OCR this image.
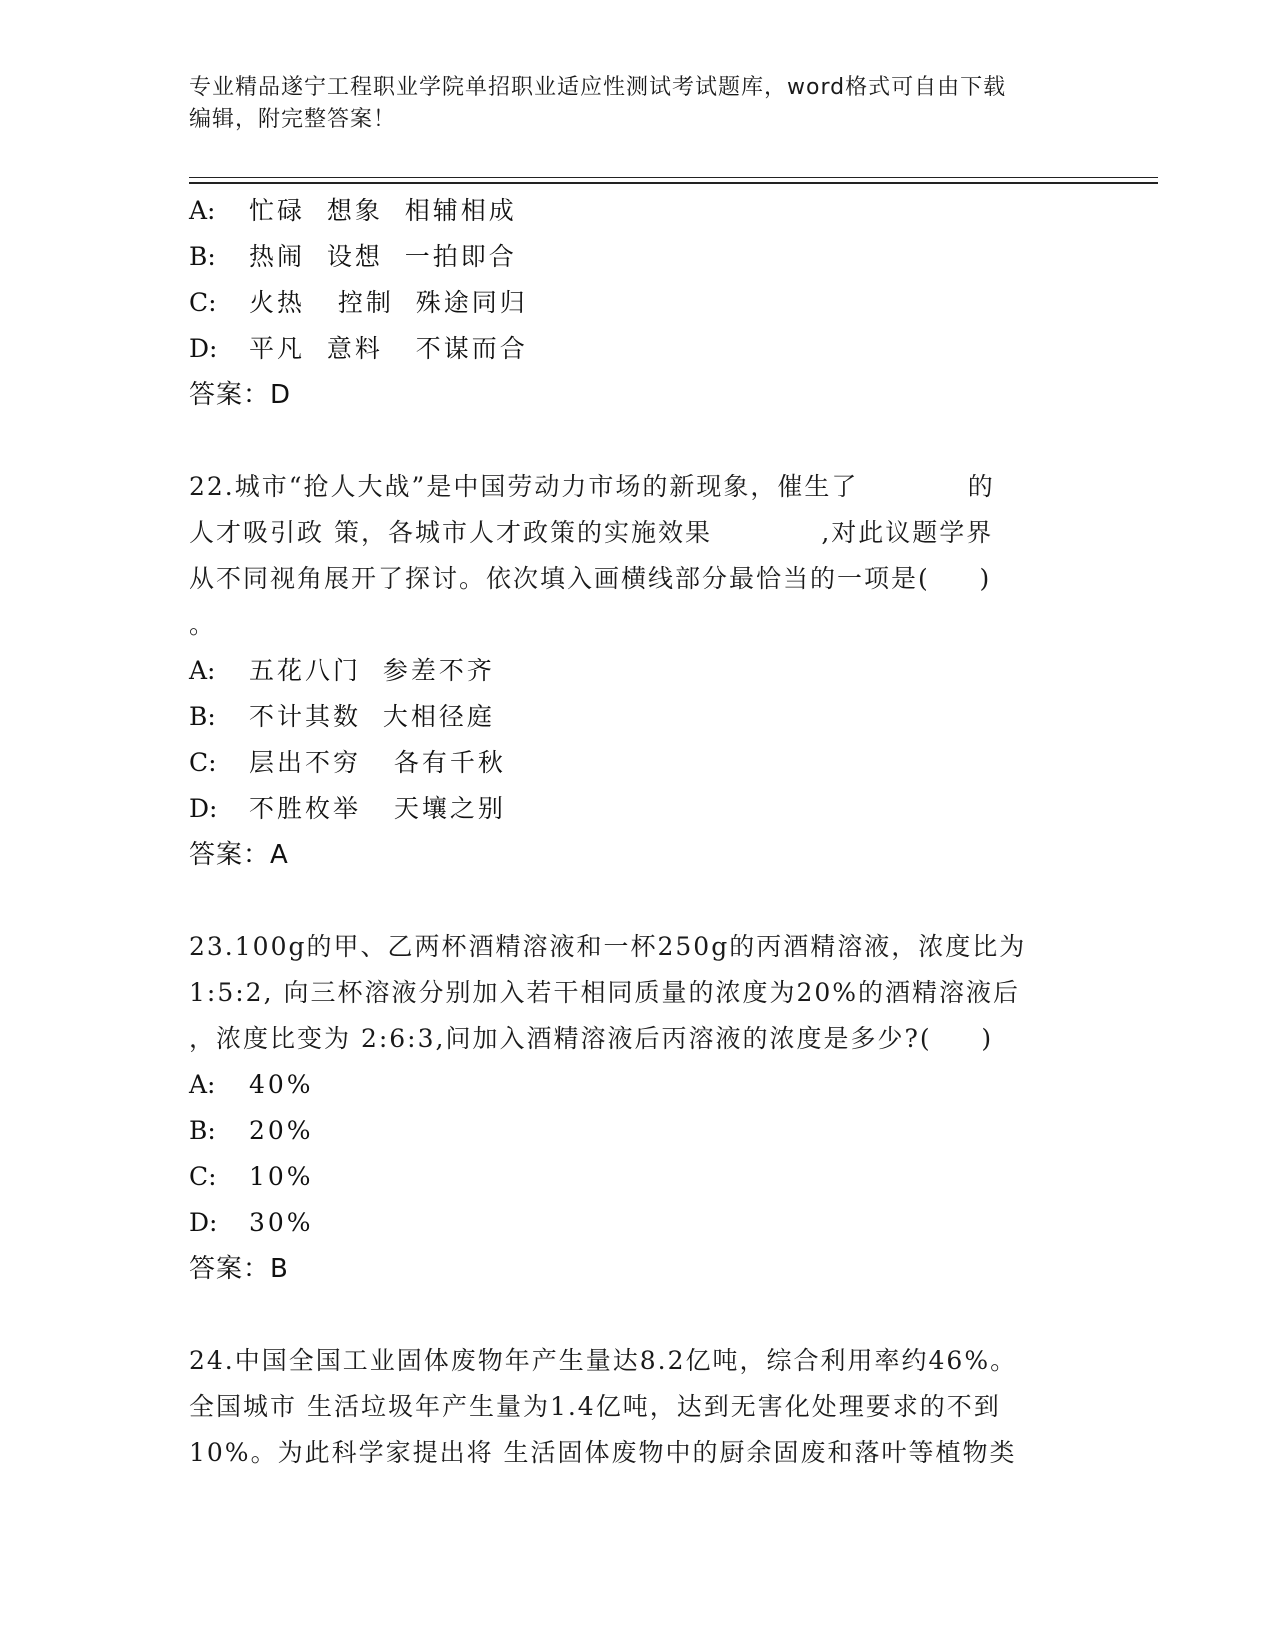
专业精品遂宁工程职业学院单招职业适应性测试考试题库，word格式可自由下载
编辑，附完整答案！
A: 忙碌  想象  相辅相成
B: 热闹  设想  一拍即合
C: 火热   控制  殊途同归
D: 平凡  意料   不谋而合
答案：D
22.城市“抢人大战”是中国劳动力市场的新现象，催生了           的
人才吸引政 策，各城市人才政策的实施效果           ,对此议题学界
从不同视角展开了探讨。依次填入画横线部分最恰当的一项是(     )
。
A: 五花八门  参差不齐
B: 不计其数  大相径庭
C: 层出不穷   各有千秋
D: 不胜枚举   天壤之别
答案：A
23.100g的甲、乙两杯酒精溶液和一杯250g的丙酒精溶液，浓度比为
1:5:2, 向三杯溶液分别加入若干相同质量的浓度为20%的酒精溶液后
，浓度比变为 2:6:3,问加入酒精溶液后丙溶液的浓度是多少?(     )
A: 40%
B: 20%
C: 10%
D: 30%
答案：B
24.中国全国工业固体废物年产生量达8.2亿吨，综合利用率约46%。
全国城市 生活垃圾年产生量为1.4亿吨，达到无害化处理要求的不到
10%。为此科学家提出将 生活固体废物中的厨余固废和落叶等植物类
